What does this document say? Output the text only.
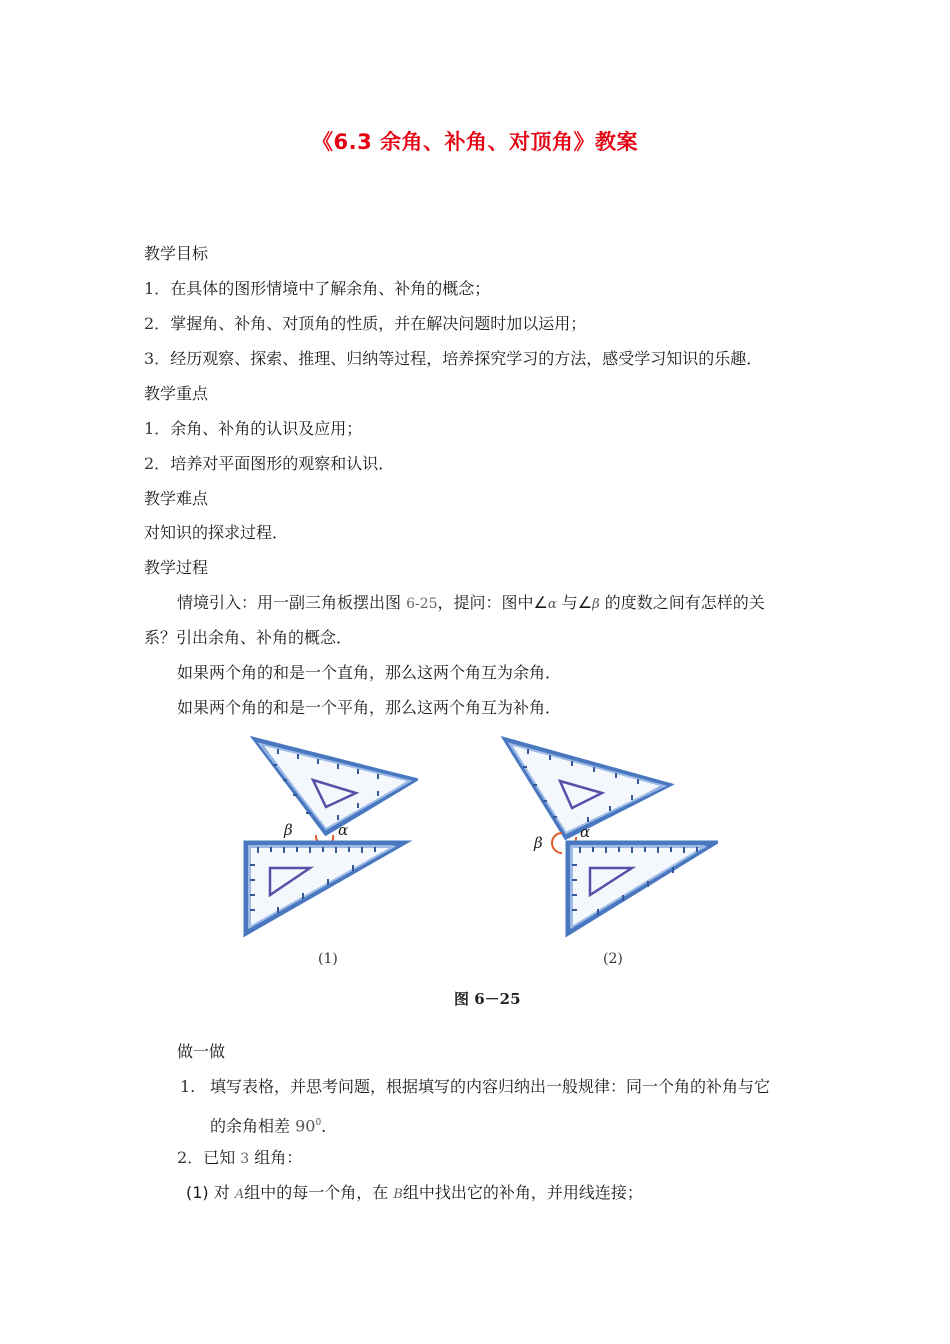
《6.3 余角、补角、对顶角》教案
教学目标
1．在具体的图形情境中了解余角、补角的概念；
2．掌握角、补角、对顶角的性质，并在解决问题时加以运用；
3．经历观察、探索、推理、归纳等过程，培养探究学习的方法，感受学习知识的乐趣．
教学重点
1．余角、补角的认识及应用；
2．培养对平面图形的观察和认识．
教学难点
对知识的探求过程．
教学过程
情境引入：用一副三角板摆出图 6-25，提问：图中∠α 与∠β 的度数之间有怎样的关
系？引出余角、补角的概念．
如果两个角的和是一个直角，那么这两个角互为余角．
如果两个角的和是一个平角，那么这两个角互为补角．
β	α
β
α
(1)	(2)
图 6－25
做一做
1. 填写表格，并思考问题，根据填写的内容归纳出一般规律：同一个角的补角与它
的余角相差 $90^0$．
2．已知 3 组角：
(1) 对 A组中的每一个角，在 B组中找出它的补角，并用线连接；
